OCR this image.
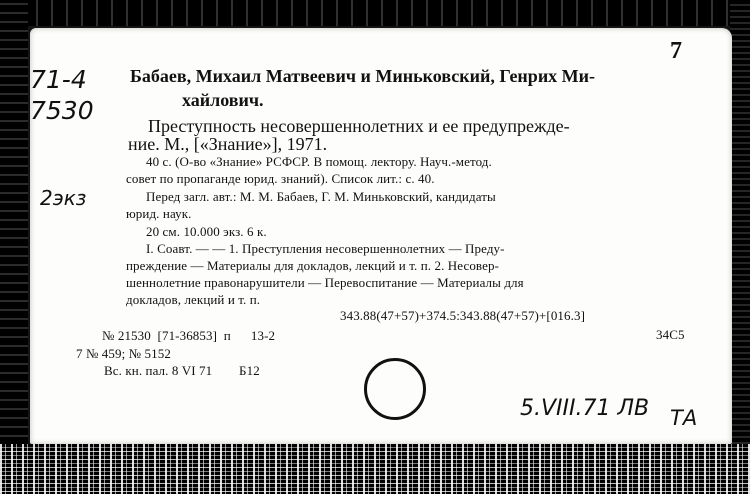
7
71-4 7530
2экз
Бабаев, Михаил Матвеевич и Миньковский, Генрих Ми-
хайлович.
Преступность несовершеннолетних и ее предупрежде-
ние. М., [«Знание»], 1971.
40 с. (О-во «Знание» РСФСР. В помощ. лектору. Науч.-метод.
совет по пропаганде юрид. знаний). Список лит.: с. 40.
Перед загл. авт.: М. М. Бабаев, Г. М. Миньковский, кандидаты
юрид. наук.
20 см. 10.000 экз. 6 к.
I. Соавт. — — 1. Преступления несовершеннолетних — Преду-
преждение — Материалы для докладов, лекций и т. п. 2. Несовер-
шеннолетние правонарушители — Перевоспитание — Материалы для
докладов, лекций и т. п.
343.88(47+57)+374.5:343.88(47+57)+[016.3]
34С5
№ 21530  [71-36853]  п      13-2
7 № 459; № 5152
Вс. кн. пал. 8 VI 71        Б12
5.VIII.71 ЛВ ТА
